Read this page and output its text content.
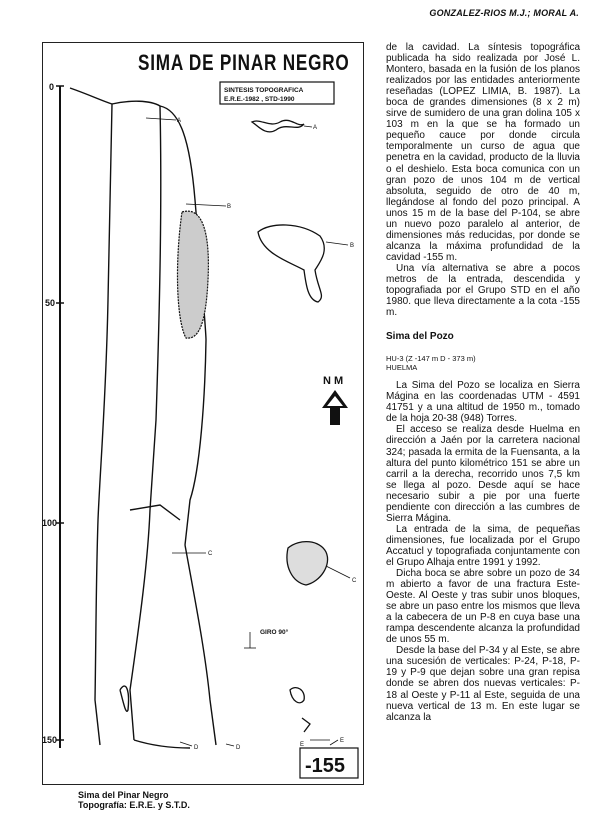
GONZALEZ-RIOS M.J.; MORAL A.
SIMA DE PINAR NEGRO
SINTESIS TOPOGRAFICA
E.R.E.-1982 , STD-1990
0
50
100
150
A
A
B
B
C
C
D	D	E
E
GIRO 90°
N M
-155
Sima del Pinar Negro
Topografía: E.R.E. y S.T.D.

de la cavidad. La síntesis topográfica publicada ha sido realizada por José L. Montero, basada en la fusión de los planos realizados por las entidades anteriormente reseñadas (LOPEZ LIMIA, B. 1987). La boca de grandes dimensiones (8 x 2 m) sirve de sumidero de una gran dolina 105 x 103 m en la que se ha formado un pequeño cauce por donde circula temporalmente un curso de agua que penetra en la cavidad, producto de la lluvia o el deshielo. Esta boca comunica con un gran pozo de unos 104 m de vertical absoluta, seguido de otro de 40 m, llegándose al fondo del pozo principal. A unos 15 m de la base del P-104, se abre un nuevo pozo paralelo al anterior, de dimensiones más reducidas, por donde se alcanza la máxima profundidad de la cavidad -155 m.

Una vía alternativa se abre a pocos metros de la entrada, descendida y topografiada por el Grupo STD en el año 1980. que lleva directamente a la cota -155 m.

Sima del Pozo
HU-3 (Z -147 m D - 373 m)
HUELMA

La Sima del Pozo se localiza en Sierra Mágina en las coordenadas UTM - 4591 41751 y a una altitud de 1950 m., tomado de la hoja 20-38 (948) Torres.

El acceso se realiza desde Huelma en dirección a Jaén por la carretera nacional 324; pasada la ermita de la Fuensanta, a la altura del punto kilométrico 151 se abre un carril a la derecha, recorrido unos 7,5 km se llega al pozo. Desde aquí se hace necesario subir a pie por una fuerte pendiente con dirección a las cumbres de Sierra Mágina.

La entrada de la sima, de pequeñas dimensiones, fue localizada por el Grupo Accatucl y topografiada conjuntamente con el Grupo Alhaja entre 1991 y 1992.

Dicha boca se abre sobre un pozo de 34 m abierto a favor de una fractura Este-Oeste. Al Oeste y tras subir unos bloques, se abre un paso entre los mismos que lleva a la cabecera de un P-8 en cuya base una rampa descendente alcanza la profundidad de unos 55 m.

Desde la base del P-34 y al Este, se abre una sucesión de verticales: P-24, P-18, P-19 y P-9 que dejan sobre una gran repisa donde se abren dos nuevas verticales: P-18 al Oeste y P-11 al Este, seguida de una nueva vertical de 13 m. En este lugar se alcanza la
